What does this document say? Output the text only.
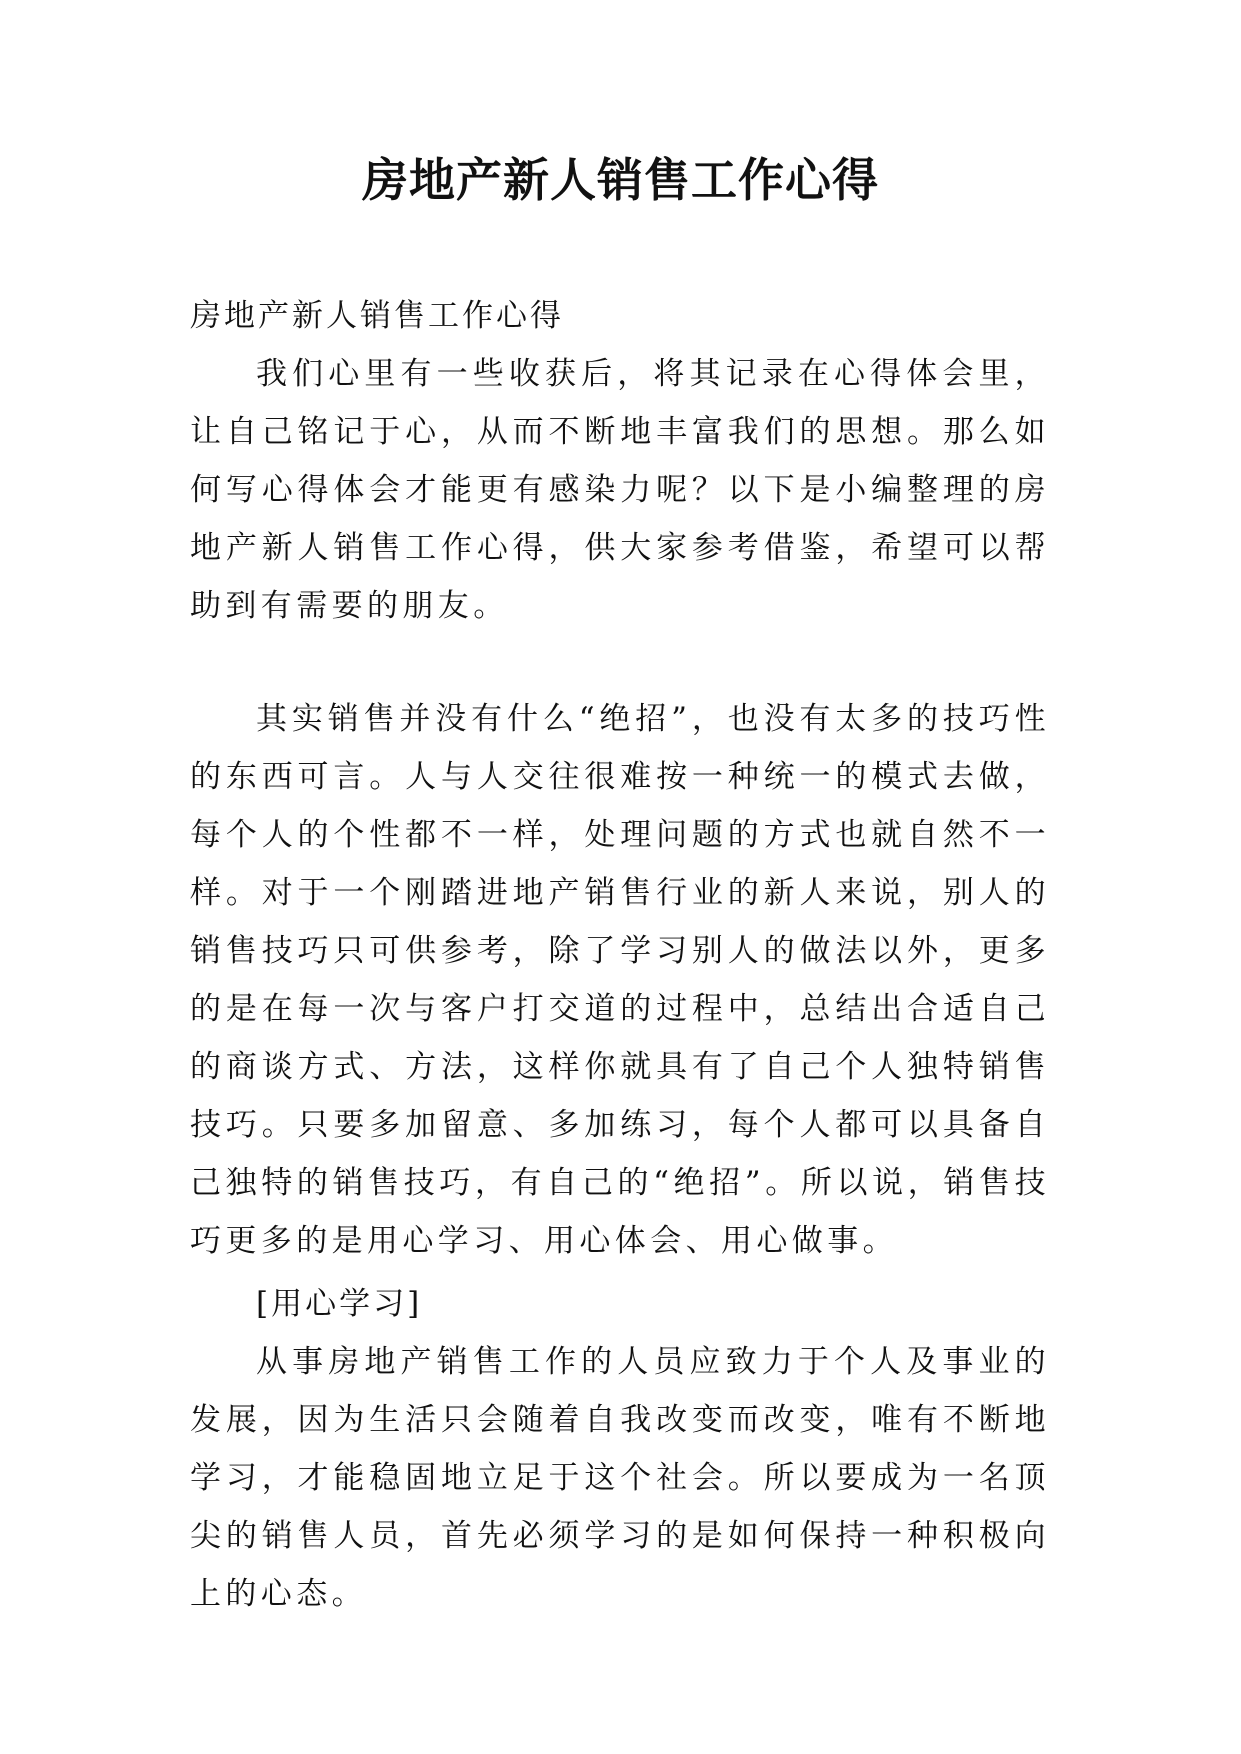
房地产新人销售工作心得
房地产新人销售工作心得
我们心里有一些收获后，将其记录在心得体会里，让自己铭记于心，从而不断地丰富我们的思想。那么如何写心得体会才能更有感染力呢？以下是小编整理的房地产新人销售工作心得，供大家参考借鉴，希望可以帮助到有需要的朋友。
其实销售并没有什么“绝招”，也没有太多的技巧性的东西可言。人与人交往很难按一种统一的模式去做，每个人的个性都不一样，处理问题的方式也就自然不一样。对于一个刚踏进地产销售行业的新人来说，别人的销售技巧只可供参考，除了学习别人的做法以外，更多的是在每一次与客户打交道的过程中，总结出合适自己的商谈方式、方法，这样你就具有了自己个人独特销售技巧。只要多加留意、多加练习，每个人都可以具备自己独特的销售技巧，有自己的“绝招”。所以说，销售技巧更多的是用心学习、用心体会、用心做事。
[用心学习]
从事房地产销售工作的人员应致力于个人及事业的发展，因为生活只会随着自我改变而改变，唯有不断地学习，才能稳固地立足于这个社会。所以要成为一名顶尖的销售人员，首先必须学习的是如何保持一种积极向上的心态。
